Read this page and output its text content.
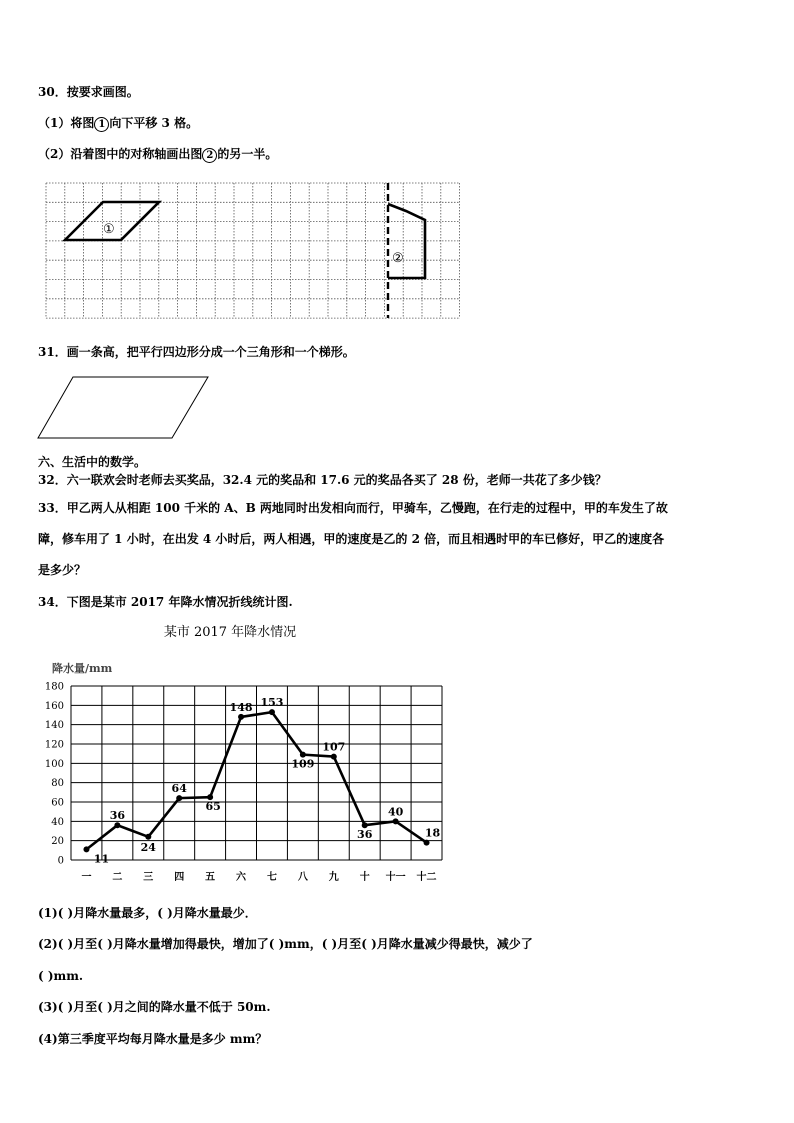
30．按要求画图。
（1）将图 1 向下平移 3 格。
（2）沿着图中的对称轴画出图 2 的另一半。
①
②
31．画一条高，把平行四边形分成一个三角形和一个梯形。
六、生活中的数学。
32．六一联欢会时老师去买奖品，32.4 元的奖品和 17.6 元的奖品各买了 28 份，老师一共花了多少钱？
33．甲乙两人从相距 100 千米的 A、B 两地同时出发相向而行，甲骑车，乙慢跑，在行走的过程中，甲的车发生了故
障，修车用了 1 小时，在出发 4 小时后，两人相遇，甲的速度是乙的 2 倍，而且相遇时甲的车已修好，甲乙的速度各
是多少？
34．下图是某市 2017 年降水情况折线统计图.
某市 2017 年降水情况
降水量/mm
0
20
40
60
80
100
120
140
160
180
一 二 三 四 五 六 七 八 九 十 十一 十二
11
36
24
64
65
148 153
109
107
36
40
18
(1)( )月降水量最多，( )月降水量最少．
(2)( )月至( )月降水量增加得最快，增加了( )mm，( )月至( )月降水量减少得最快，减少了
( )mm.
(3)( )月至( )月之间的降水量不低于 50m.
(4)第三季度平均每月降水量是多少 mm？
